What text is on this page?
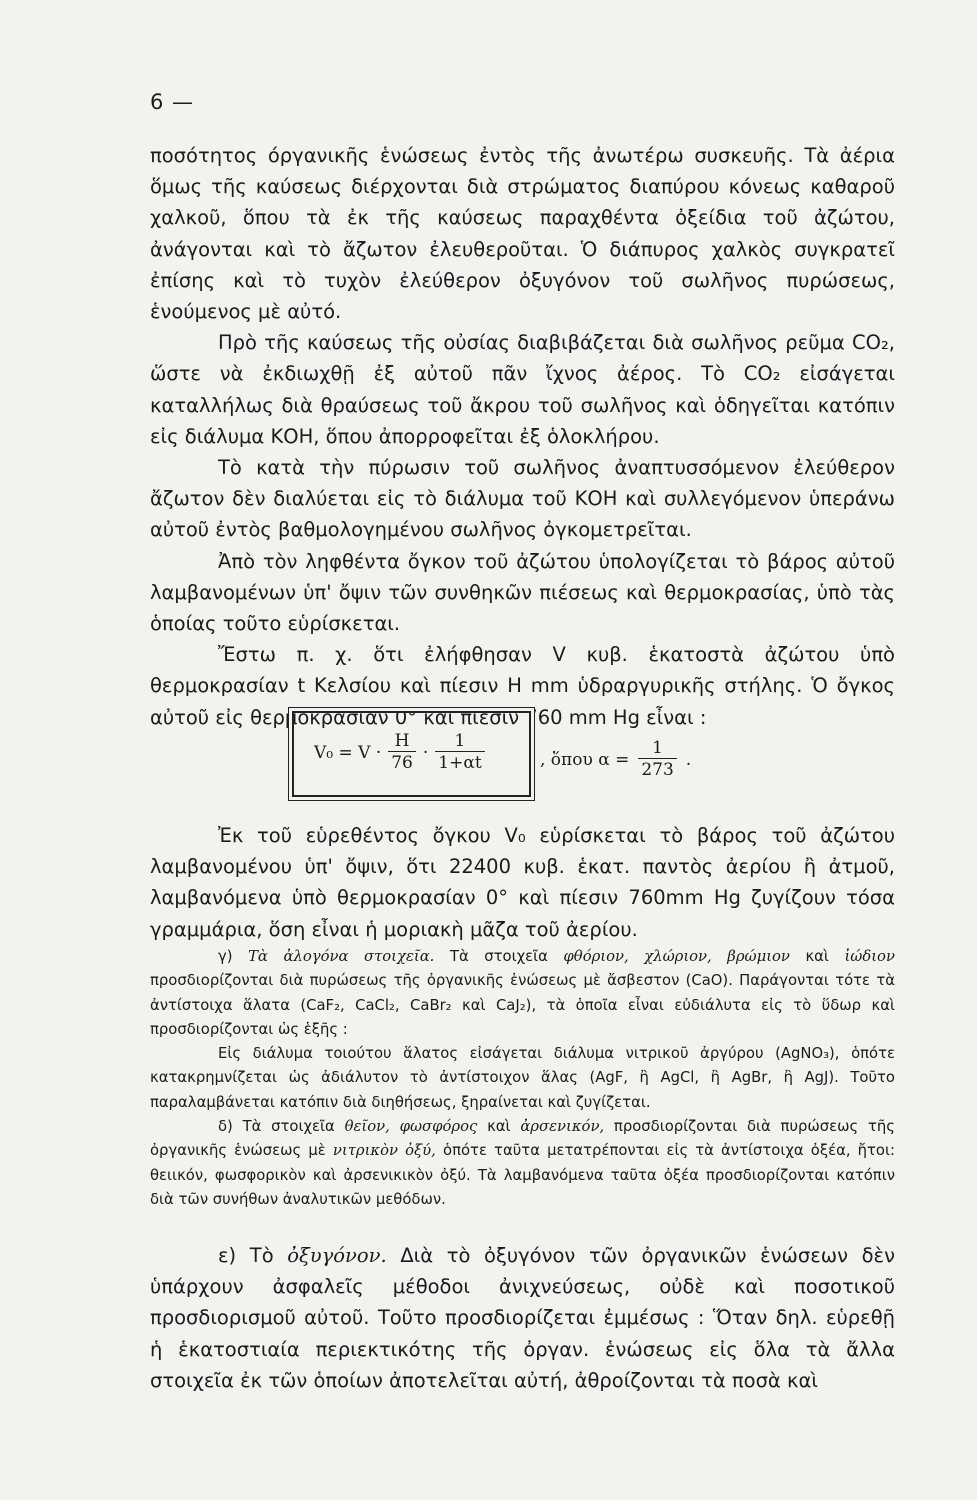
6 —

ποσότητος όργανικῆς ἑνώσεως ἐντὸς τῆς ἀνωτέρω συσκευῆς. Τὰ ἀέρια ὅμως τῆς καύσεως διέρχονται διὰ στρώματος διαπύρου κόνεως καθαροῦ χαλκοῦ, ὅπου τὰ ἐκ τῆς καύσεως παραχθέντα ὀξείδια τοῦ ἀζώτου, ἀνάγονται καὶ τὸ ἄζωτον ἐλευθεροῦται. Ὁ διάπυρος χαλκὸς συγκρατεῖ ἐπίσης καὶ τὸ τυχὸν ἐλεύθερον ὀξυγόνον τοῦ σωλῆνος πυρώσεως, ἑνούμενος μὲ αὐτό.

Πρὸ τῆς καύσεως τῆς οὐσίας διαβιβάζεται διὰ σωλῆνος ρεῦμα CO₂, ὥστε νὰ ἐκδιωχθῇ ἐξ αὐτοῦ πᾶν ἴχνος ἀέρος. Τὸ CO₂ εἰσάγεται καταλλήλως διὰ θραύσεως τοῦ ἄκρου τοῦ σωλῆνος καὶ ὁδηγεῖται κατόπιν εἰς διάλυμα ΚΟΗ, ὅπου ἀπορροφεῖται ἐξ ὁλοκλήρου.

Τὸ κατὰ τὴν πύρωσιν τοῦ σωλῆνος ἀναπτυσσόμενον ἐλεύθερον ἄζωτον δὲν διαλύεται εἰς τὸ διάλυμα τοῦ ΚΟΗ καὶ συλλεγόμενον ὑπεράνω αὐτοῦ ἐντὸς βαθμολογημένου σωλῆνος ὀγκομετρεῖται.

Ἀπὸ τὸν ληφθέντα ὄγκον τοῦ ἀζώτου ὑπολογίζεται τὸ βάρος αὐτοῦ λαμβανομένων ὑπ' ὄψιν τῶν συνθηκῶν πιέσεως καὶ θερμοκρασίας, ὑπὸ τὰς ὁποίας τοῦτο εὑρίσκεται.

Ἔστω π. χ. ὅτι ἐλήφθησαν V κυβ. ἑκατοστὰ ἀζώτου ὑπὸ θερμοκρασίαν t Κελσίου καὶ πίεσιν H mm ὑδραργυρικῆς στήλης. Ὁ ὄγκος αὐτοῦ εἰς θερμοκρασίαν 0° καὶ πίεσιν 760 mm Hg εἶναι :

$V_0 = V \cdot \frac{H}{76} \cdot \frac{1}{1+\alpha t}$	, ὅπου $\alpha = \frac{1}{273}$ .

Ἐκ τοῦ εὑρεθέντος ὄγκου V₀ εὑρίσκεται τὸ βάρος τοῦ ἀζώτου λαμβανομένου ὑπ' ὄψιν, ὅτι 22400 κυβ. ἑκατ. παντὸς ἀερίου ἢ ἀτμοῦ, λαμβανόμενα ὑπὸ θερμοκρασίαν 0° καὶ πίεσιν 760mm Hg ζυγίζουν τόσα γραμμάρια, ὅση εἶναι ἡ μοριακὴ μᾶζα τοῦ ἀερίου.

γ) Τὰ ἀλογόνα στοιχεῖα. Τὰ στοιχεῖα φθόριον, χλώριον, βρώμιον καὶ ἰώδιον προσδιορίζονται διὰ πυρώσεως τῆς ὀργανικῆς ἑνώσεως μὲ ἄσβεστον (CaO). Παράγονται τότε τὰ ἀντίστοιχα ἅλατα (CaF₂, CaCl₂, CaBr₂ καὶ CaJ₂), τὰ ὁποῖα εἶναι εὐδιάλυτα εἰς τὸ ὕδωρ καὶ προσδιορίζονται ὡς ἑξῆς :

Εἰς διάλυμα τοιούτου ἅλατος εἰσάγεται διάλυμα νιτρικοῦ ἀργύρου (AgNO₃), ὁπότε κατακρημνίζεται ὡς ἀδιάλυτον τὸ ἀντίστοιχον ἅλας (AgF, ἢ AgCl, ἢ AgBr, ἢ AgJ). Τοῦτο παραλαμβάνεται κατόπιν διὰ διηθήσεως, ξηραίνεται καὶ ζυγίζεται.

δ) Τὰ στοιχεῖα θεῖον, φωσφόρος καὶ ἀρσενικόν, προσδιορίζονται διὰ πυρώσεως τῆς ὀργανικῆς ἑνώσεως μὲ νιτρικὸν ὀξύ, ὁπότε ταῦτα μετατρέπονται εἰς τὰ ἀντίστοιχα ὀξέα, ἤτοι: θειικόν, φωσφορικὸν καὶ ἀρσενικικὸν ὀξύ. Τὰ λαμβανόμενα ταῦτα ὀξέα προσδιορίζονται κατόπιν διὰ τῶν συνήθων ἀναλυτικῶν μεθόδων.

ε) Τὸ ὀξυγόνον. Διὰ τὸ ὀξυγόνον τῶν ὀργανικῶν ἑνώσεων δὲν ὑπάρχουν ἀσφαλεῖς μέθοδοι ἀνιχνεύσεως, οὐδὲ καὶ ποσοτικοῦ προσδιορισμοῦ αὐτοῦ. Τοῦτο προσδιορίζεται ἐμμέσως : Ὅταν δηλ. εὑρεθῇ ἡ ἑκατοστιαία περιεκτικότης τῆς ὀργαν. ἑνώσεως εἰς ὅλα τὰ ἄλλα στοιχεῖα ἐκ τῶν ὁποίων ἀποτελεῖται αὐτή, ἀθροίζονται τὰ ποσὰ καὶ
